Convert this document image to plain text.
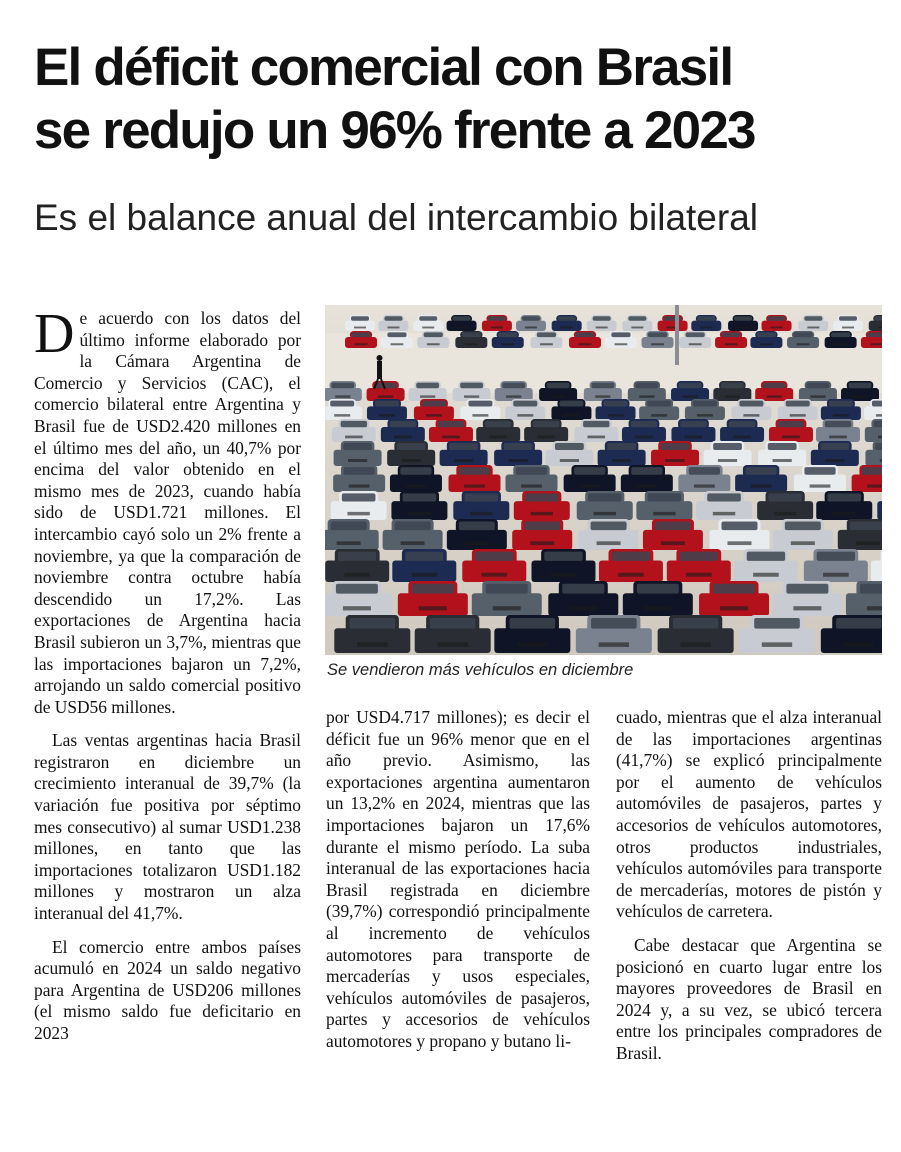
El déficit comercial con Brasil
se redujo un 96% frente a 2023
Es el balance anual del intercambio bilateral

De acuerdo con los datos del último informe elaborado por la Cámara Argentina de Comercio y Servicios (CAC), el comercio bilateral entre Argentina y Brasil fue de USD2.420 millones en el último mes del año, un 40,7% por encima del valor obtenido en el mismo mes de 2023, cuando había sido de USD1.721 millones. El intercambio cayó solo un 2% frente a noviembre, ya que la comparación de noviembre contra octubre había descendido un 17,2%. Las exportaciones de Argentina hacia Brasil subieron un 3,7%, mientras que las importaciones bajaron un 7,2%, arrojando un saldo comercial positivo de USD56 millones.

Las ventas argentinas hacia Brasil registraron en diciembre un crecimiento interanual de 39,7% (la variación fue positiva por séptimo mes consecutivo) al sumar USD1.238 millones, en tanto que las importaciones totalizaron USD1.182 millones y mostraron un alza interanual del 41,7%.

El comercio entre ambos países acumuló en 2024 un saldo negativo para Argentina de USD206 millones (el mismo saldo fue deficitario en 2023

Se vendieron más vehículos en diciembre

por USD4.717 millones); es decir el déficit fue un 96% menor que en el año previo. Asimismo, las exportaciones argentina aumentaron un 13,2% en 2024, mientras que las importaciones bajaron un 17,6% durante el mismo período. La suba interanual de las exportaciones hacia Brasil registrada en diciembre (39,7%) correspondió principalmente al incremento de vehículos automotores para transporte de mercaderías y usos especiales, vehículos automóviles de pasajeros, partes y accesorios de vehículos automotores y propano y butano li-

cuado, mientras que el alza interanual de las importaciones argentinas (41,7%) se explicó principalmente por el aumento de vehículos automóviles de pasajeros, partes y accesorios de vehículos automotores, otros productos industriales, vehículos automóviles para transporte de mercaderías, motores de pistón y vehículos de carretera.

Cabe destacar que Argentina se posicionó en cuarto lugar entre los mayores proveedores de Brasil en 2024 y, a su vez, se ubicó tercera entre los principales compradores de Brasil.
